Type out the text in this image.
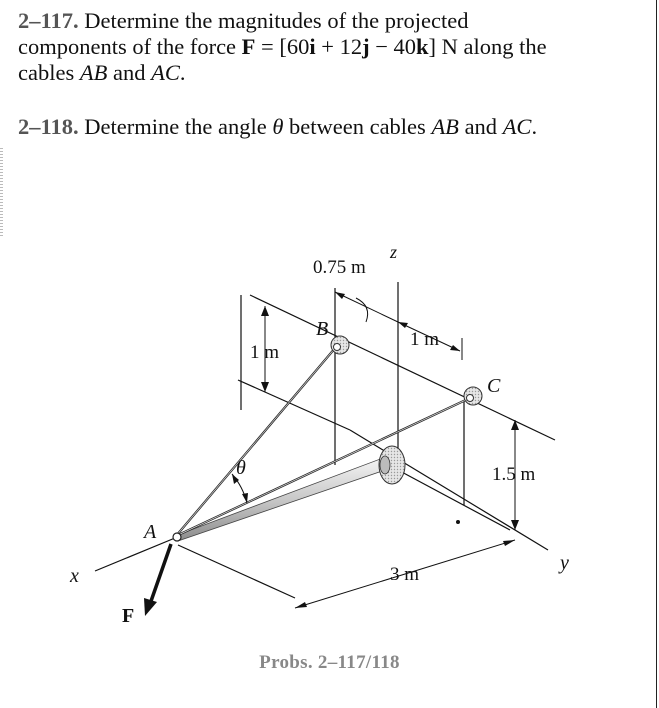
2–117. Determine the magnitudes of the projected
components of the force F = [60i + 12j − 40k] N along the
cables AB and AC.
2–118. Determine the angle θ between cables AB and AC.
z
x
y
A
B
C
F
θ
0.75 m
1 m
1 m
1.5 m
3 m
Probs. 2–117/118
